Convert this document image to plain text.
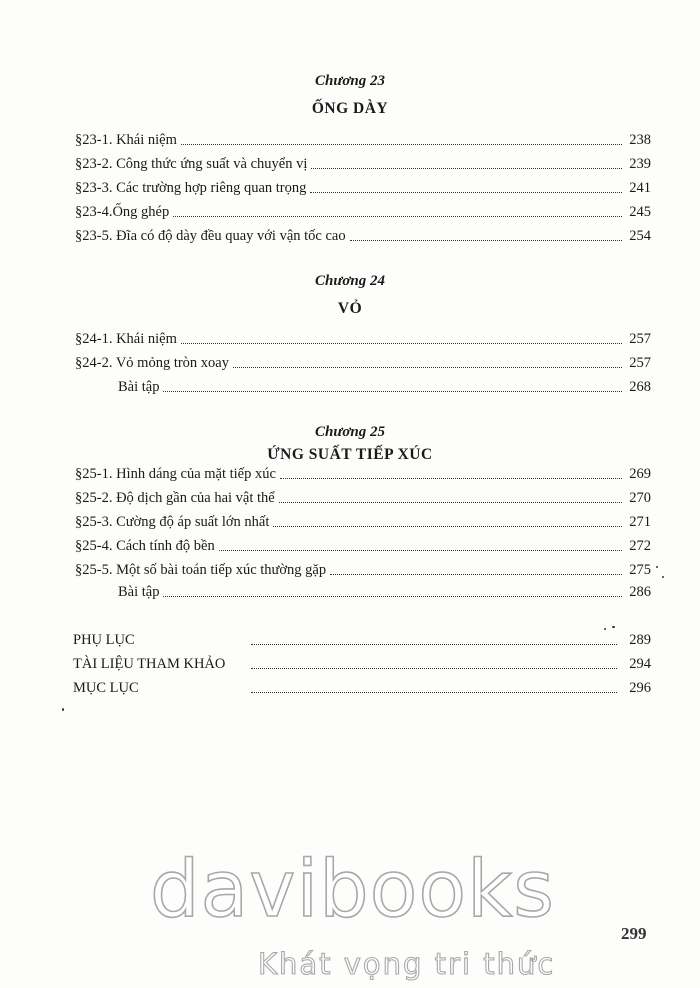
Chương 23
ỐNG DÀY
§23-1. Khái niệm	238
§23-2. Công thức ứng suất và chuyển vị	239
§23-3. Các trường hợp riêng quan trọng	241
§23-4.Ống ghép	245
§23-5. Đĩa có độ dày đều quay với vận tốc cao	254
Chương 24
VỎ
§24-1. Khái niệm	257
§24-2. Vỏ mỏng tròn xoay	257
Bài tập	268
Chương 25
ỨNG SUẤT TIẾP XÚC
§25-1. Hình dáng của mặt tiếp xúc	269
§25-2. Độ dịch gần của hai vật thể	270
§25-3. Cường độ áp suất lớn nhất	271
§25-4. Cách tính độ bền	272
§25-5. Một số bài toán tiếp xúc thường gặp	275
Bài tập	286
PHỤ LỤC	289
TÀI LIỆU THAM KHẢO	294
MỤC LỤC	296
299
davibooks
Khát vọng tri thức
